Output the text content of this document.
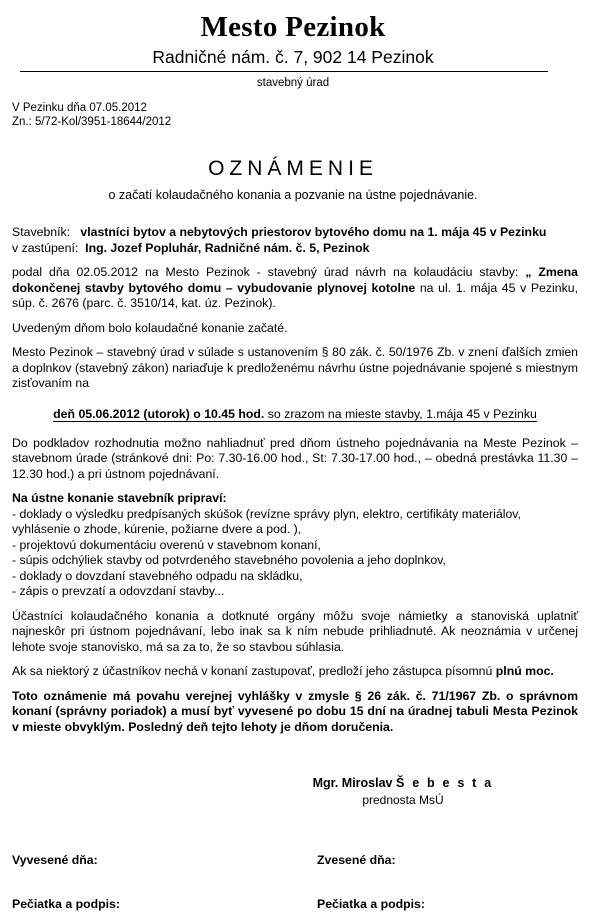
Mesto Pezinok
Radničné nám. č. 7, 902 14 Pezinok
stavebný úrad
V Pezinku dňa 07.05.2012
Zn.: 5/72-Kol/3951-18644/2012
OZNÁMENIE
o začatí kolaudačného konania a pozvanie na ústne pojednávanie.

Stavebník: vlastníci bytov a nebytových priestorov bytového domu na 1. mája 45 v Pezinku

v zastúpení: Ing. Jozef Popluhár, Radničné nám. č. 5, Pezinok

podal dňa 02.05.2012 na Mesto Pezinok - stavebný úrad návrh na kolaudáciu stavby: „ Zmena dokončenej stavby bytového domu – vybudovanie plynovej kotolne na ul. 1. mája 45 v Pezinku, súp. č. 2676 (parc. č. 3510/14, kat. úz. Pezinok).

Uvedeným dňom bolo kolaudačné konanie začaté.

Mesto Pezinok – stavebný úrad v súlade s ustanovením § 80 zák. č. 50/1976 Zb. v znení ďalších zmien a doplnkov (stavebný zákon) nariaďuje k predloženému návrhu ústne pojednávanie spojené s miestnym zisťovaním na

deň 05.06.2012 (utorok) o 10.45 hod. so zrazom na mieste stavby, 1.mája 45 v Pezinku

Do podkladov rozhodnutia možno nahliadnuť pred dňom ústneho pojednávania na Meste Pezinok – stavebnom úrade (stránkové dni: Po: 7.30-16.00 hod., St: 7.30-17.00 hod., – obedná prestávka 11.30 – 12.30 hod.) a pri ústnom pojednávaní.

Na ústne konanie stavebník pripraví:
- doklady o výsledku predpísaných skúšok (revízne správy plyn, elektro, certifikáty materiálov, vyhlásenie o zhode, kúrenie, požiarne dvere a pod. ),
- projektovú dokumentáciu overenú v stavebnom konaní,
- súpis odchýliek stavby od potvrdeného stavebného povolenia a jeho doplnkov,
- doklady o dovzdaní stavebného odpadu na skládku,
- zápis o prevzatí a odovzdaní stavby...

Účastníci kolaudačného konania a dotknuté orgány môžu svoje námietky a stanoviská uplatniť najneskôr pri ústnom pojednávaní, lebo inak sa k ním nebude prihliadnuté. Ak neoznámia v určenej lehote svoje stanovisko, má sa za to, že so stavbou súhlasia.

Ak sa niektorý z účastníkov nechá v konaní zastupovať, predloží jeho zástupca písomnú plnú moc.

Toto oznámenie má povahu verejnej vyhlášky v zmysle § 26 zák. č. 71/1967 Zb. o správnom konaní (správny poriadok) a musí byť vyvesené po dobu 15 dní na úradnej tabuli Mesta Pezinok v mieste obvyklým. Posledný deň tejto lehoty je dňom doručenia.

Mgr. Miroslav Š e b e s t a
prednosta MsÚ
Vyvesené dňa:	Zvesené dňa:
Pečiatka a podpis:	Pečiatka a podpis:
